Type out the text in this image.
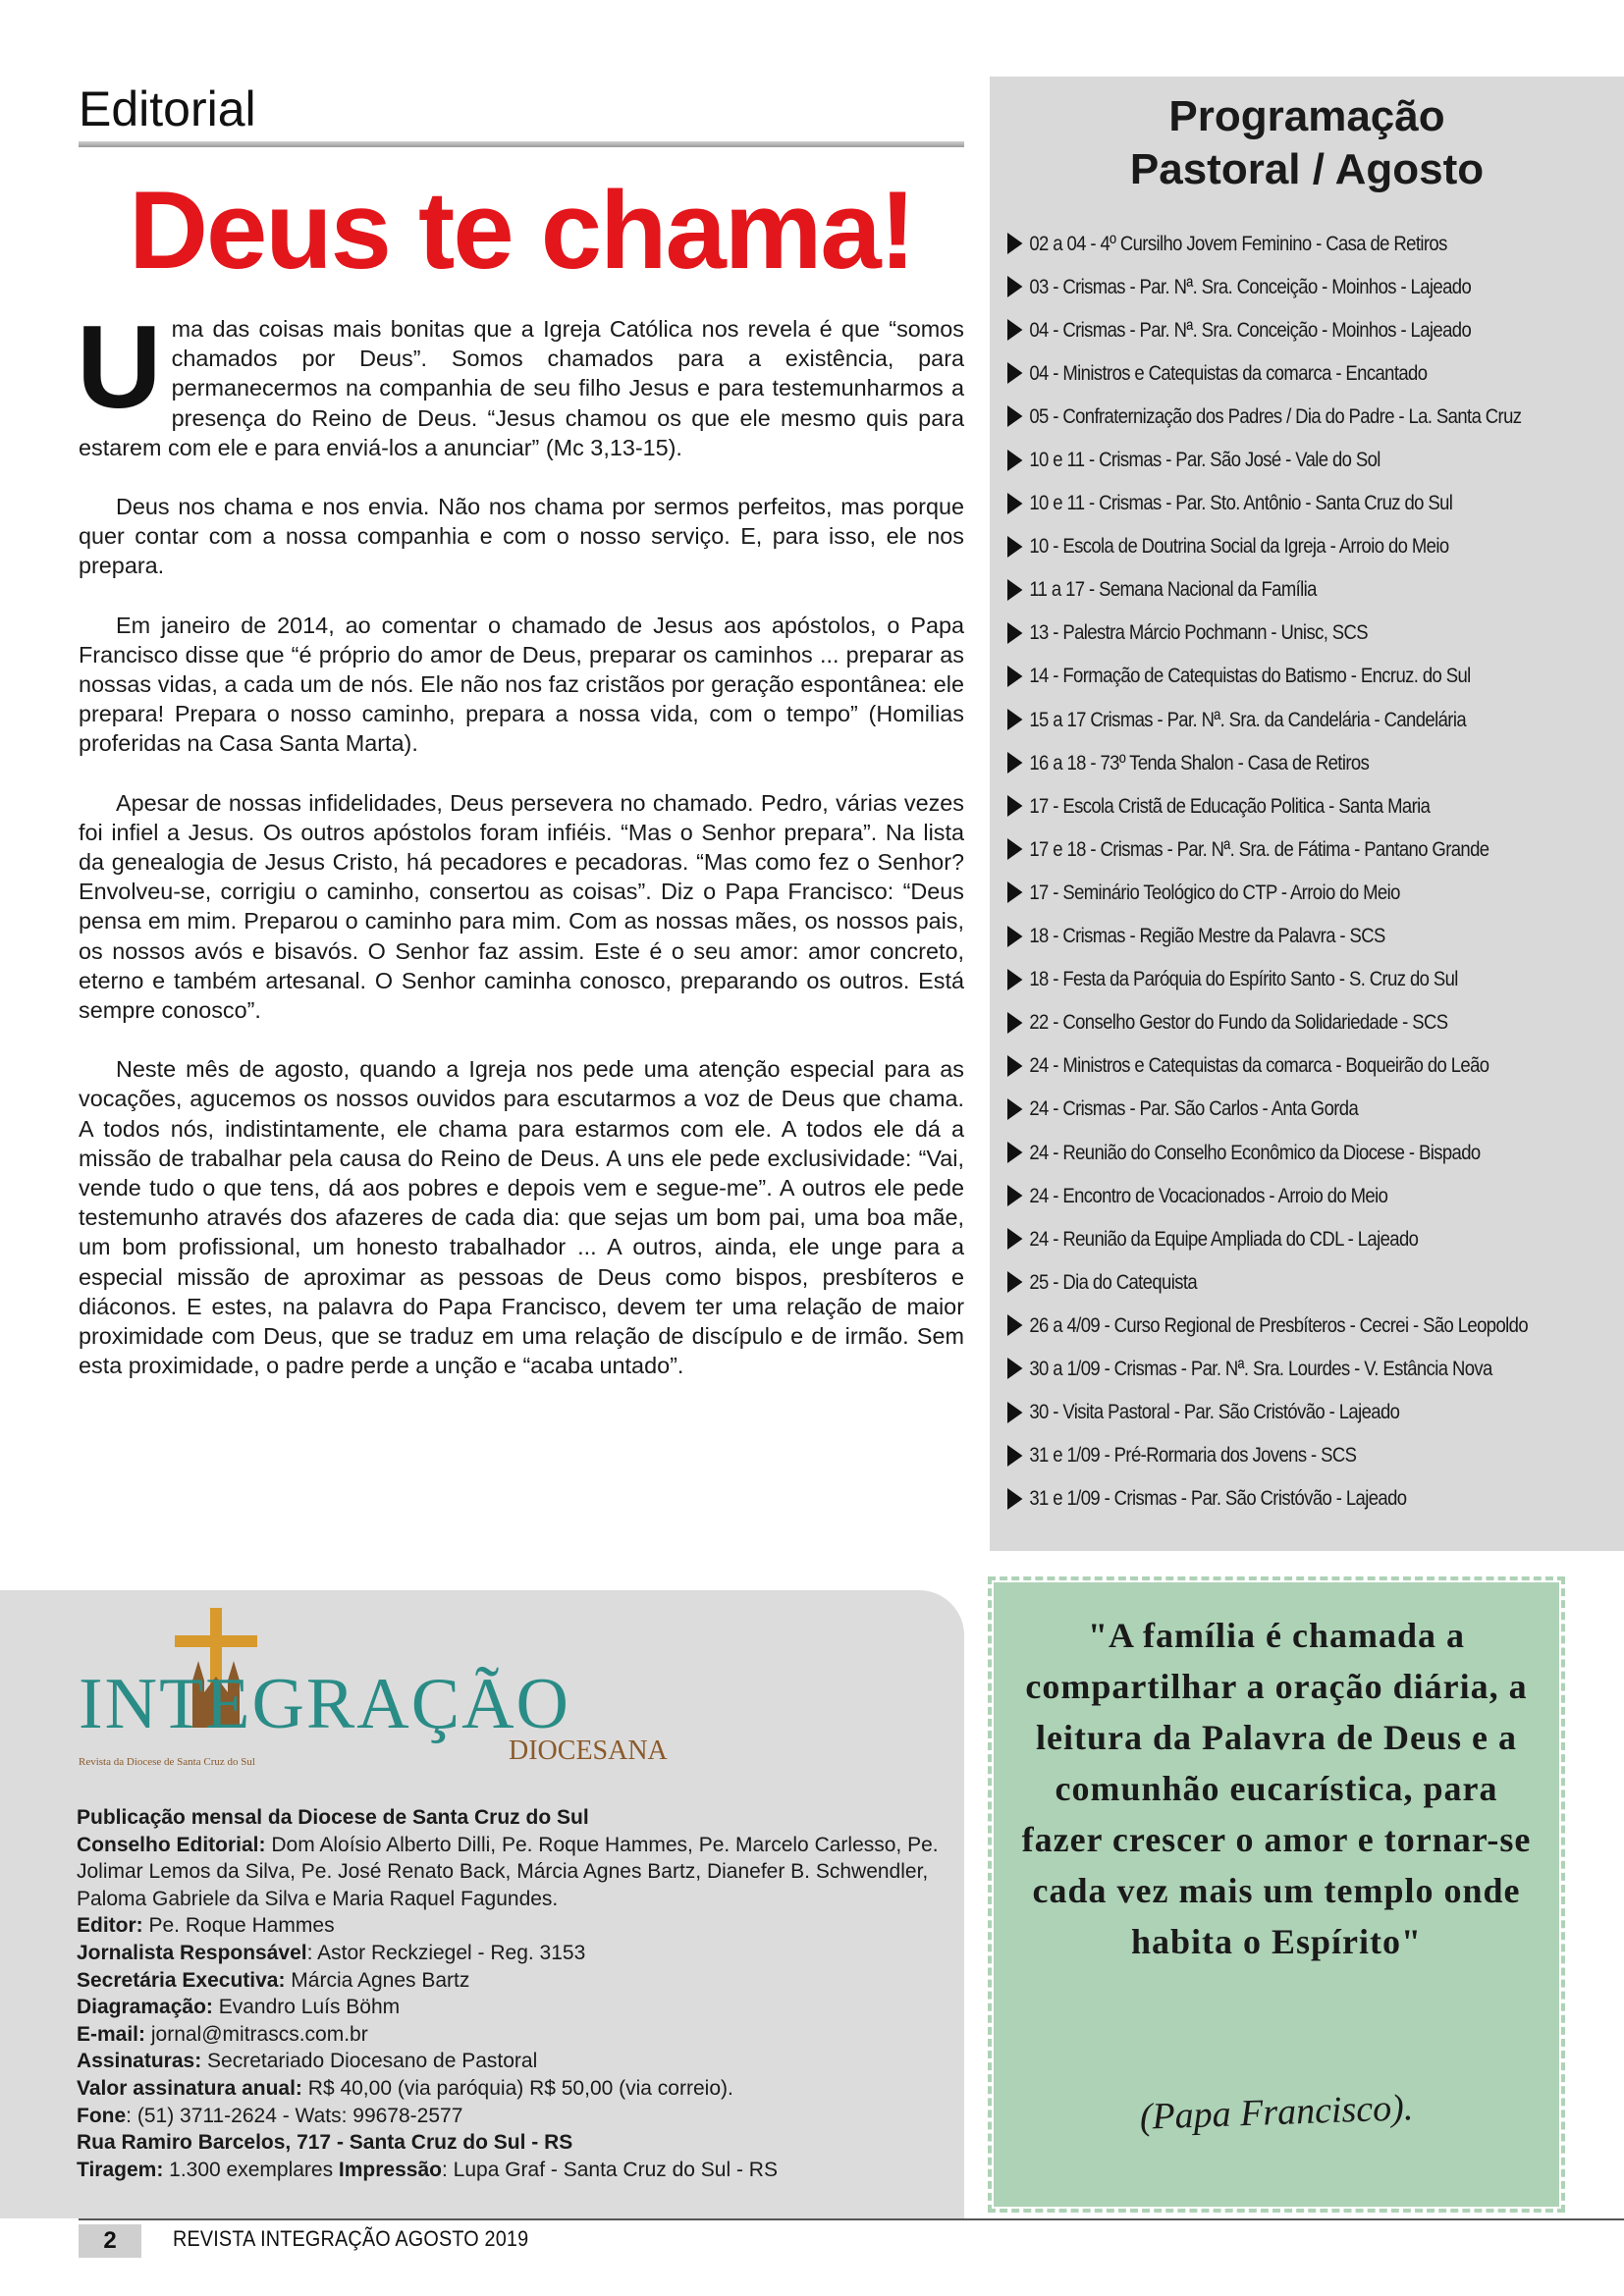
Editorial
Deus te chama!

Uma das coisas mais bonitas que a Igreja Católica nos revela é que “somos chamados por Deus”. Somos chamados para a existência, para permanecermos na companhia de seu filho Jesus e para testemunharmos a presença do Reino de Deus. “Jesus chamou os que ele mesmo quis para estarem com ele e para enviá-los a anunciar” (Mc 3,13-15).

Deus nos chama e nos envia. Não nos chama por sermos perfeitos, mas porque quer contar com a nossa companhia e com o nosso serviço. E, para isso, ele nos prepara.

Em janeiro de 2014, ao comentar o chamado de Jesus aos apóstolos, o Papa Francisco disse que “é próprio do amor de Deus, preparar os caminhos ... preparar as nossas vidas, a cada um de nós. Ele não nos faz cristãos por geração espontânea: ele prepara! Prepara o nosso caminho, prepara a nossa vida, com o tempo” (Homilias proferidas na Casa Santa Marta).

Apesar de nossas infidelidades, Deus persevera no chamado. Pedro, várias vezes foi infiel a Jesus. Os outros apóstolos foram infiéis. “Mas o Senhor preparа”. Na lista da genealogia de Jesus Cristo, há pecadores e pecadoras. “Mas como fez o Senhor? Envolveu-se, corrigiu o caminho, consertou as coisas”. Diz o Papa Francisco: “Deus pensa em mim. Preparou o caminho para mim. Com as nossas mães, os nossos pais, os nossos avós e bisavós. O Senhor faz assim. Este é o seu amor: amor concreto, eterno e também artesanal. O Senhor caminha conosco, preparando os outros. Está sempre conosco”.

Neste mês de agosto, quando a Igreja nos pede uma atenção especial para as vocações, agucemos os nossos ouvidos para escutarmos a voz de Deus que chama. A todos nós, indistintamente, ele chama para estarmos com ele. A todos ele dá a missão de trabalhar pela causa do Reino de Deus. A uns ele pede exclusividade: “Vai, vende tudo o que tens, dá aos pobres e depois vem e segue-me”. A outros ele pede testemunho através dos afazeres de cada dia: que sejas um bom pai, uma boa mãe, um bom profissional, um honesto trabalhador ... A outros, ainda, ele unge para a especial missão de aproximar as pessoas de Deus como bispos, presbíteros e diáconos. E estes, na palavra do Papa Francisco, devem ter uma relação de maior proximidade com Deus, que se traduz em uma relação de discípulo e de irmão. Sem esta proximidade, o padre perde a unção e “acaba untado”.

Programação
Pastoral / Agosto
02 a 04 - 4º Cursilho Jovem Feminino - Casa de Retiros
03 - Crismas - Par. Nª. Sra. Conceição - Moinhos - Lajeado
04 - Crismas - Par. Nª. Sra. Conceição - Moinhos - Lajeado
04 - Ministros e Catequistas da comarca - Encantado
05 - Confraternização dos Padres / Dia do Padre - La. Santa Cruz
10 e 11 - Crismas - Par. São José - Vale do Sol
10 e 11 - Crismas - Par. Sto. Antônio - Santa Cruz do Sul
10 - Escola de Doutrina Social da Igreja - Arroio do Meio
11 a 17 - Semana Nacional da Família
13 - Palestra Márcio Pochmann - Unisc, SCS
14 - Formação de Catequistas do Batismo - Encruz. do Sul
15 a 17 Crismas - Par. Nª. Sra. da Candelária - Candelária
16 a 18 - 73º Tenda Shalon - Casa de Retiros
17 - Escola Cristã de Educação Politica - Santa Maria
17 e 18 - Crismas - Par. Nª. Sra. de Fátima - Pantano Grande
17 - Seminário Teológico do CTP - Arroio do Meio
18 - Crismas - Região Mestre da Palavra - SCS
18 - Festa da Paróquia do Espírito Santo - S. Cruz do Sul
22 - Conselho Gestor do Fundo da Solidariedade - SCS
24 - Ministros e Catequistas da comarca - Boqueirão do Leão
24 - Crismas - Par. São Carlos - Anta Gorda
24 - Reunião do Conselho Econômico da Diocese - Bispado
24 - Encontro de Vocacionados - Arroio do Meio
24 - Reunião da Equipe Ampliada do CDL - Lajeado
25 - Dia do Catequista
26 a 4/09 - Curso Regional de Presbíteros - Cecrei - São Leopoldo
30 a 1/09 - Crismas - Par. Nª. Sra. Lourdes - V. Estância Nova
30 - Visita Pastoral - Par. São Cristóvão - Lajeado
31 e 1/09 - Pré-Rormaria dos Jovens - SCS
31 e 1/09 - Crismas - Par. São Cristóvão - Lajeado
INTEGRAÇÃO
DIOCESANA
Revista da Diocese de Santa Cruz do Sul
Publicação mensal da Diocese de Santa Cruz do Sul
Conselho Editorial: Dom Aloísio Alberto Dilli, Pe. Roque Hammes, Pe. Marcelo Carlesso, Pe. Jolimar Lemos da Silva, Pe. José Renato Back, Márcia Agnes Bartz, Dianefer B. Schwendler, Paloma Gabriele da Silva e Maria Raquel Fagundes.
Editor: Pe. Roque Hammes
Jornalista Responsável: Astor Reckziegel - Reg. 3153
Secretária Executiva: Márcia Agnes Bartz
Diagramação: Evandro Luís Böhm
E-mail: jornal@mitrascs.com.br
Assinaturas: Secretariado Diocesano de Pastoral
Valor assinatura anual: R$ 40,00 (via paróquia) R$ 50,00 (via correio).
Fone: (51) 3711-2624 - Wats: 99678-2577
Rua Ramiro Barcelos, 717 - Santa Cruz do Sul - RS
Tiragem: 1.300 exemplares Impressão: Lupa Graf - Santa Cruz do Sul - RS
"A família é chamada a compartilhar a oração diária, a leitura da Palavra de Deus e a comunhão eucarística, para fazer crescer o amor e tornar-se cada vez mais um templo onde habita o Espírito"
(Papa Francisco).
2	REVISTA INTEGRAÇÃO AGOSTO 2019
